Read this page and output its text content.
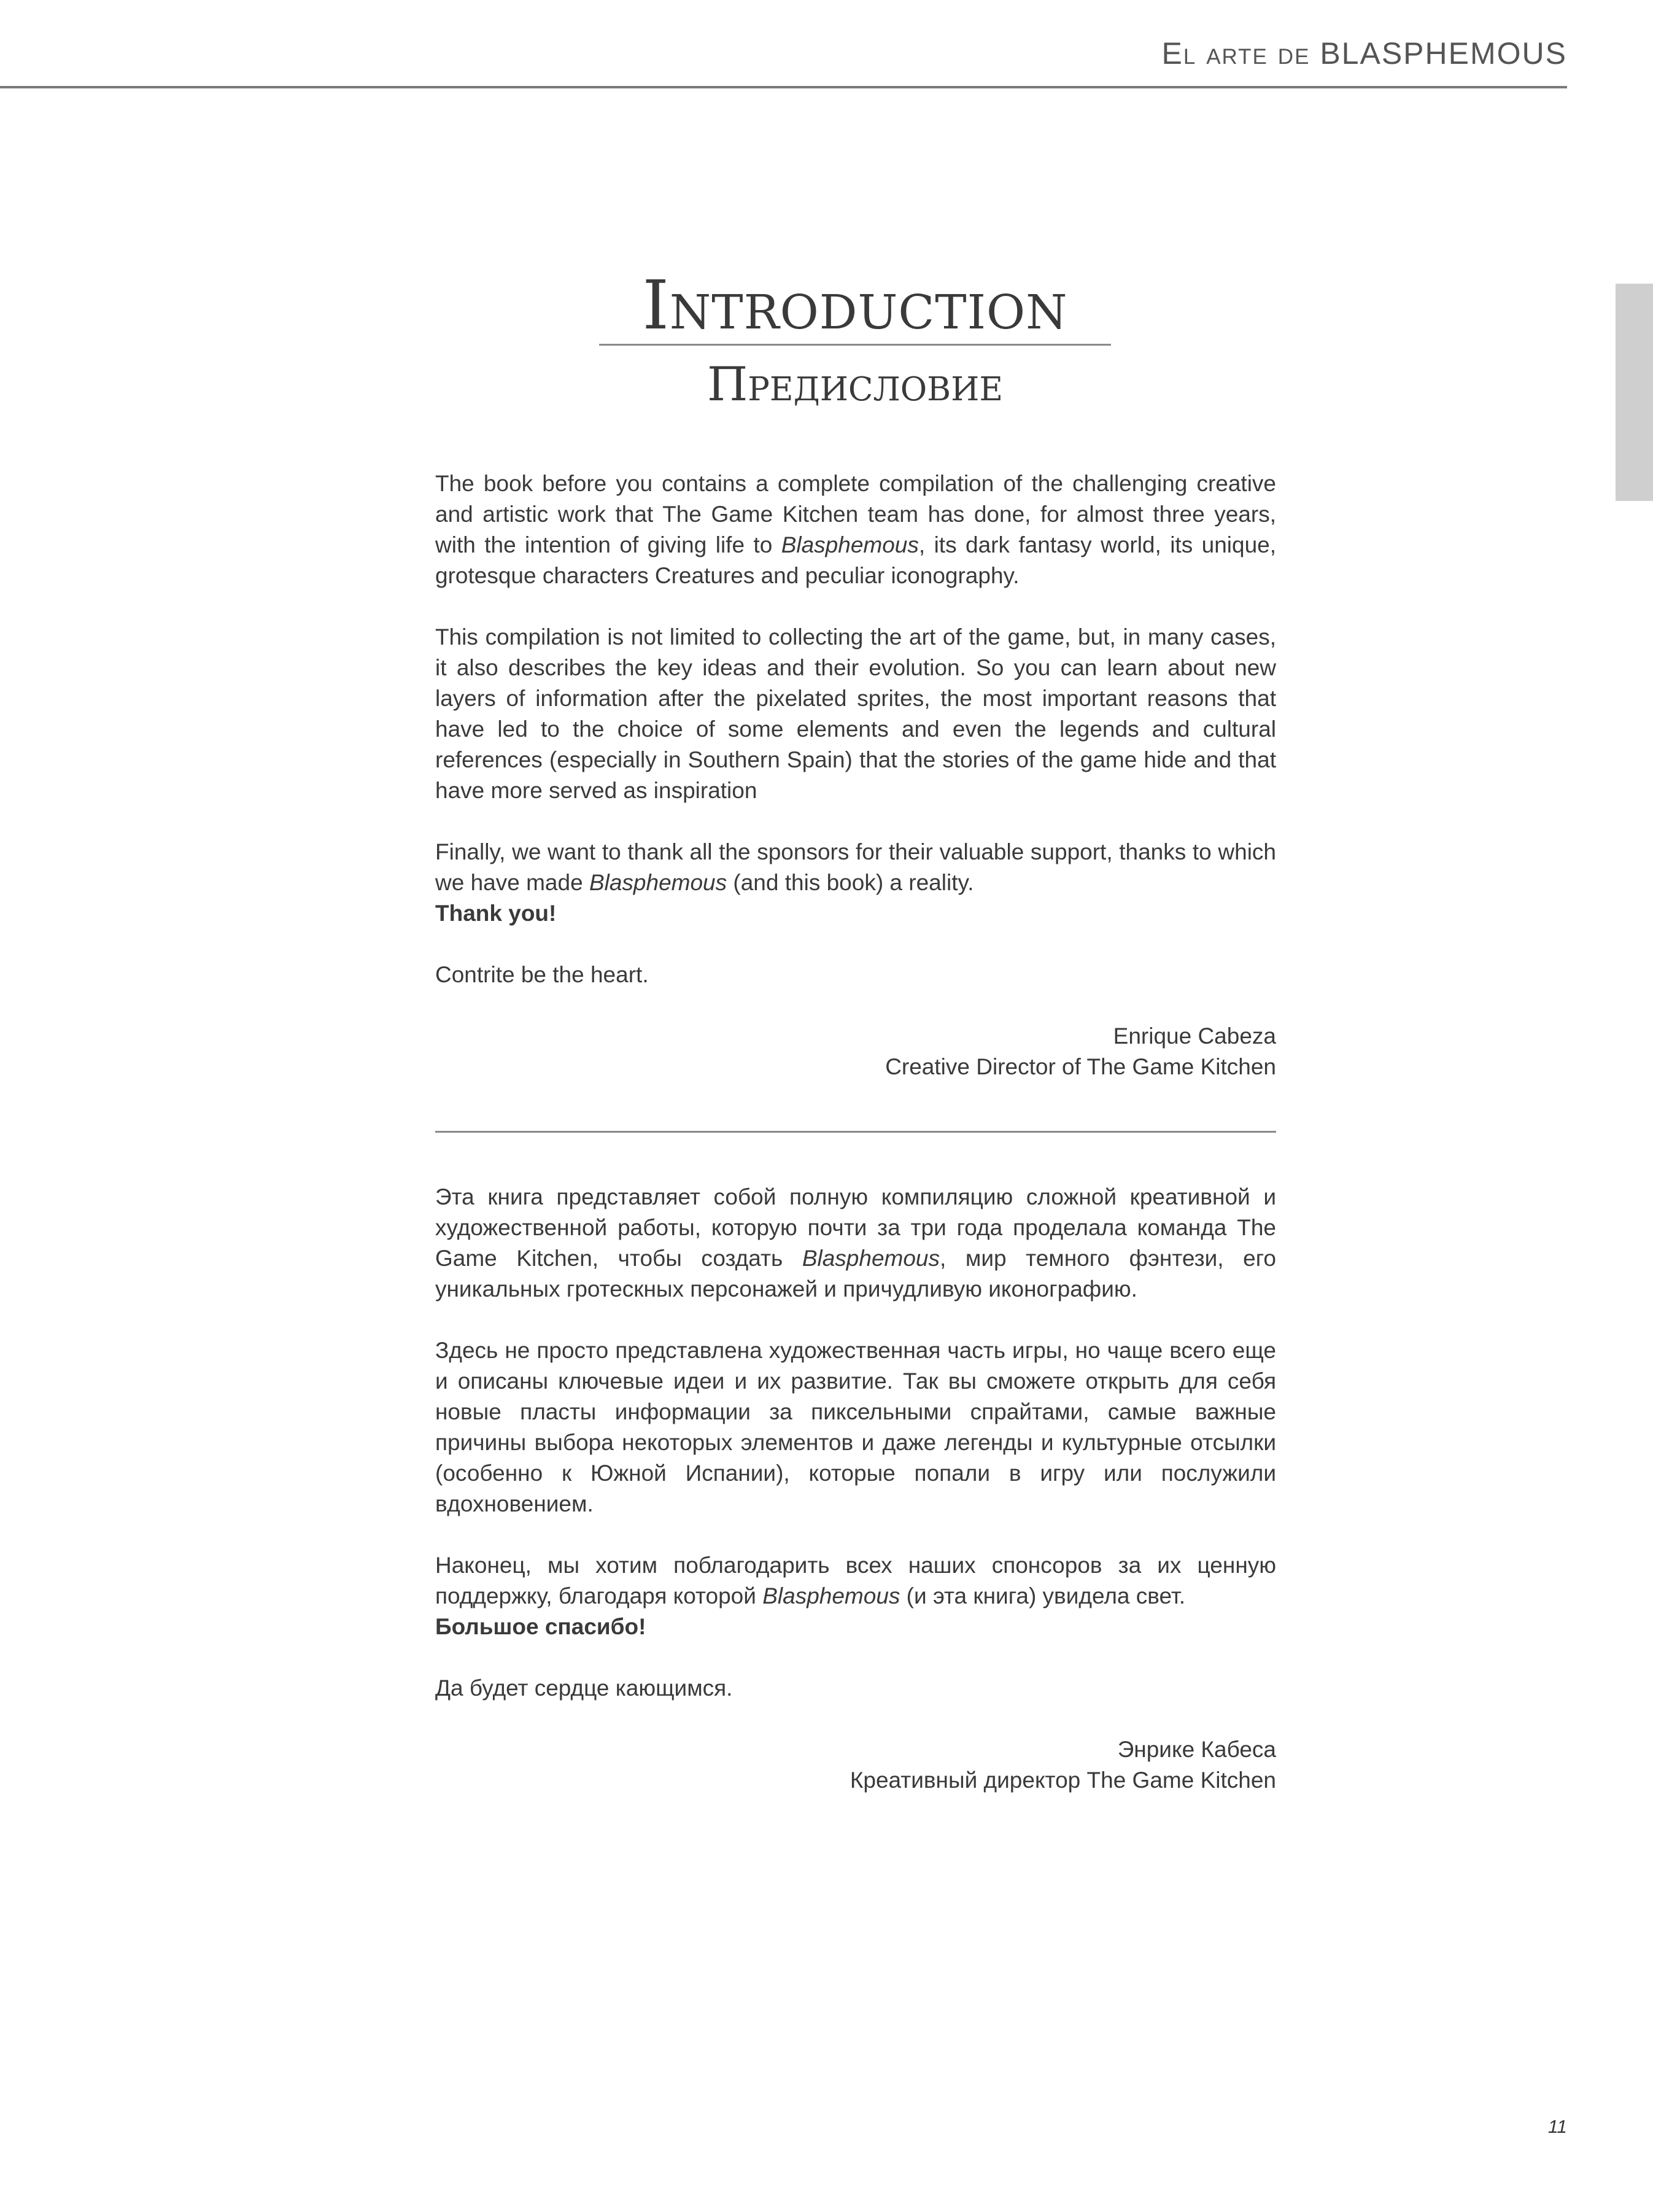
El arte de BLASPHEMOUS
Introduction
Предисловие

The book before you contains a complete compilation of the challenging creative and artistic work that The Game Kitchen team has done, for almost three years, with the intention of giving life to Blasphemous, its dark fantasy world, its unique, grotesque characters Creatures and peculiar iconography.

This compilation is not limited to collecting the art of the game, but, in many cases, it also describes the key ideas and their evolution. So you can learn about new layers of information after the pixelated sprites, the most important reasons that have led to the choice of some elements and even the legends and cultural references (especially in Southern Spain) that the stories of the game hide and that have more served as inspiration

Finally, we want to thank all the sponsors for their valuable support, thanks to which we have made Blasphemous (and this book) a reality.

Thank you!

Contrite be the heart.

Enrique Cabeza
Creative Director of The Game Kitchen

Эта книга представляет собой полную компиляцию сложной креативной и художественной работы, которую почти за три года проделала команда The Game Kitchen, чтобы создать Blasphemous, мир темного фэнтези, его уникальных гротескных персонажей и причудливую иконографию.

Здесь не просто представлена художественная часть игры, но чаще всего еще и описаны ключевые идеи и их развитие. Так вы сможете открыть для себя новые пласты информации за пиксельными спрайтами, самые важные причины выбора некоторых элементов и даже легенды и культурные отсылки (особенно к Южной Испании), которые попали в игру или послужили вдохновением.

Наконец, мы хотим поблагодарить всех наших спонсоров за их ценную поддержку, благодаря которой Blasphemous (и эта книга) увидела свет.

Большое спасибо!

Да будет сердце кающимся.

Энрике Кабеса
Креативный директор The Game Kitchen
11
